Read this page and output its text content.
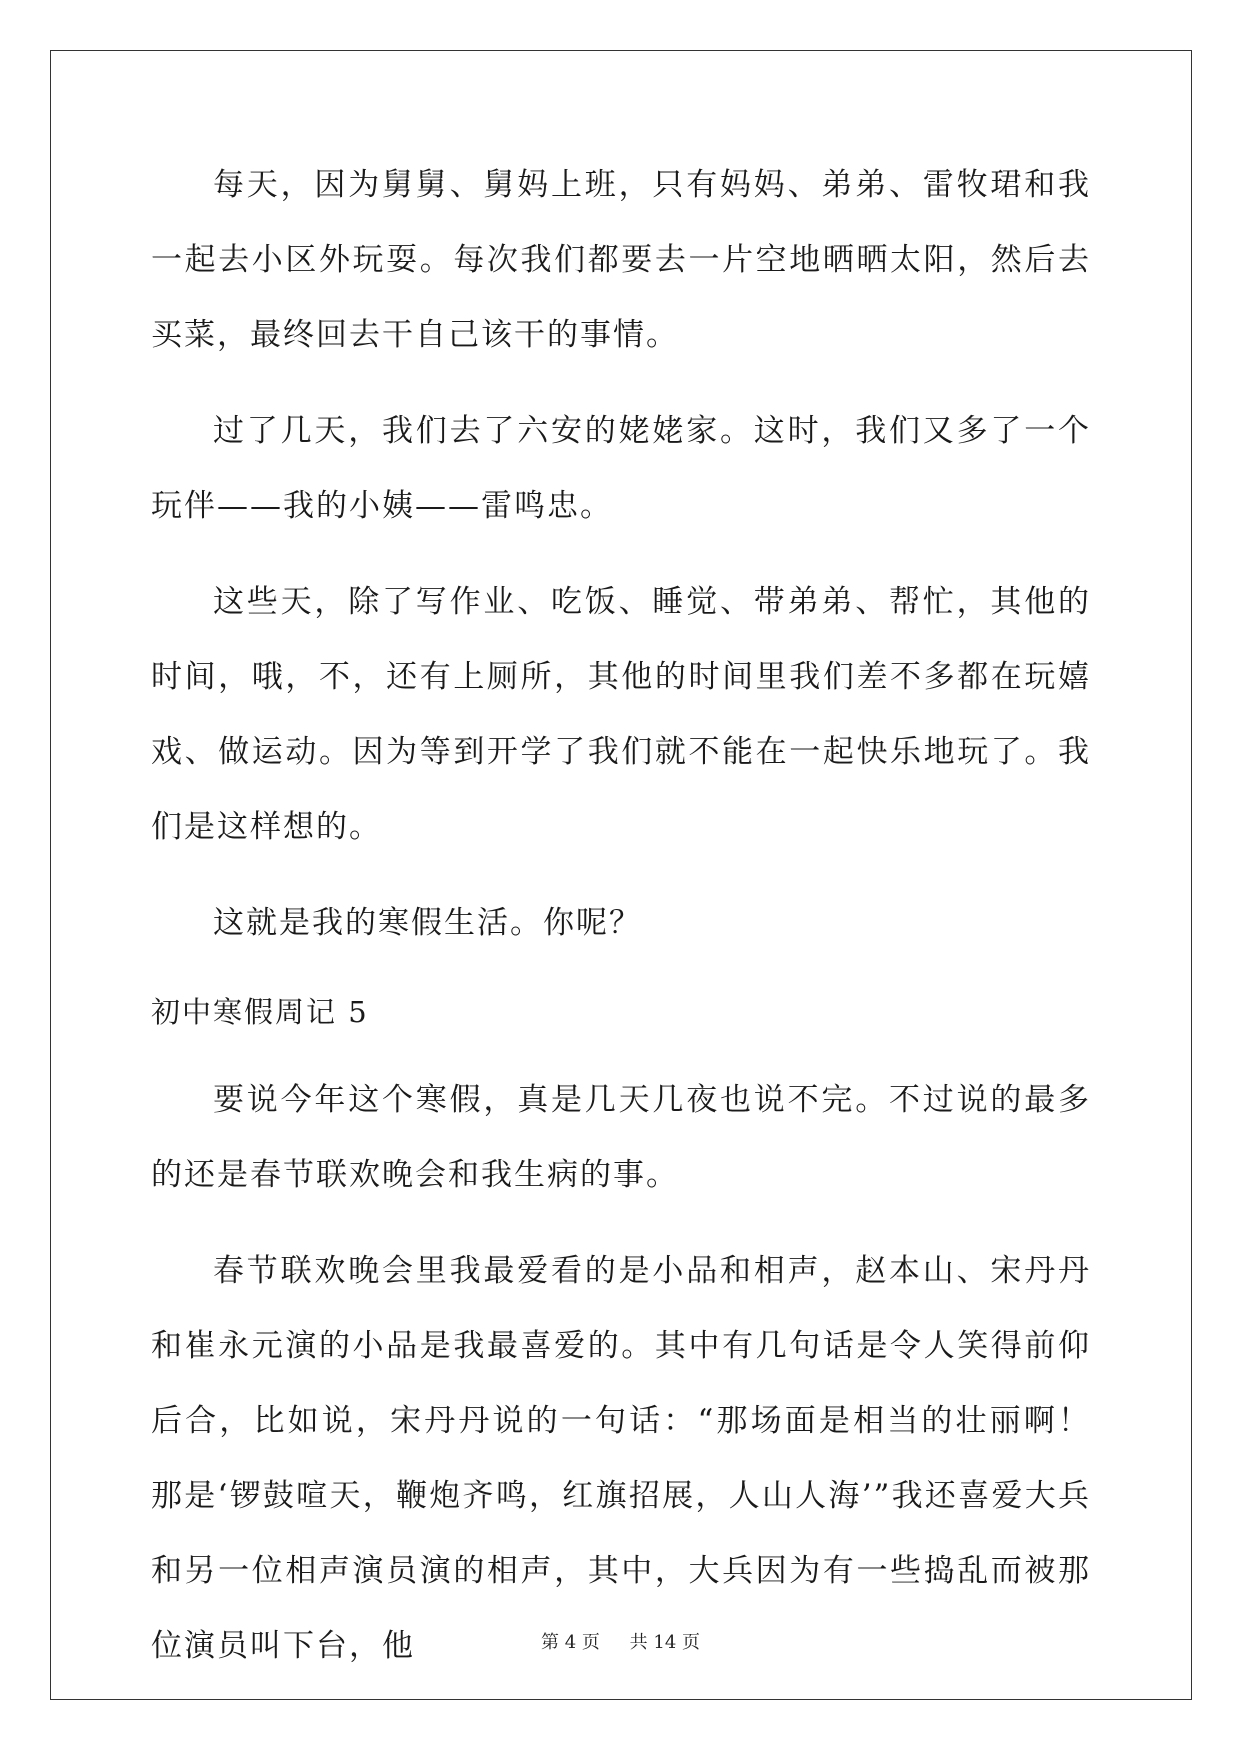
每天，因为舅舅、舅妈上班，只有妈妈、弟弟、雷牧珺和我一起去小区外玩耍。每次我们都要去一片空地晒晒太阳，然后去买菜，最终回去干自己该干的事情。

过了几天，我们去了六安的姥姥家。这时，我们又多了一个玩伴——我的小姨——雷鸣忠。

这些天，除了写作业、吃饭、睡觉、带弟弟、帮忙，其他的时间，哦，不，还有上厕所，其他的时间里我们差不多都在玩嬉戏、做运动。因为等到开学了我们就不能在一起快乐地玩了。我们是这样想的。

这就是我的寒假生活。你呢？

初中寒假周记 5

要说今年这个寒假，真是几天几夜也说不完。不过说的最多的还是春节联欢晚会和我生病的事。

春节联欢晚会里我最爱看的是小品和相声，赵本山、宋丹丹和崔永元演的小品是我最喜爱的。其中有几句话是令人笑得前仰后合，比如说，宋丹丹说的一句话：“那场面是相当的壮丽啊！那是‘锣鼓喧天，鞭炮齐鸣，红旗招展，人山人海’”我还喜爱大兵和另一位相声演员演的相声，其中，大兵因为有一些捣乱而被那位演员叫下台，他	第 4 页 共 14 页
